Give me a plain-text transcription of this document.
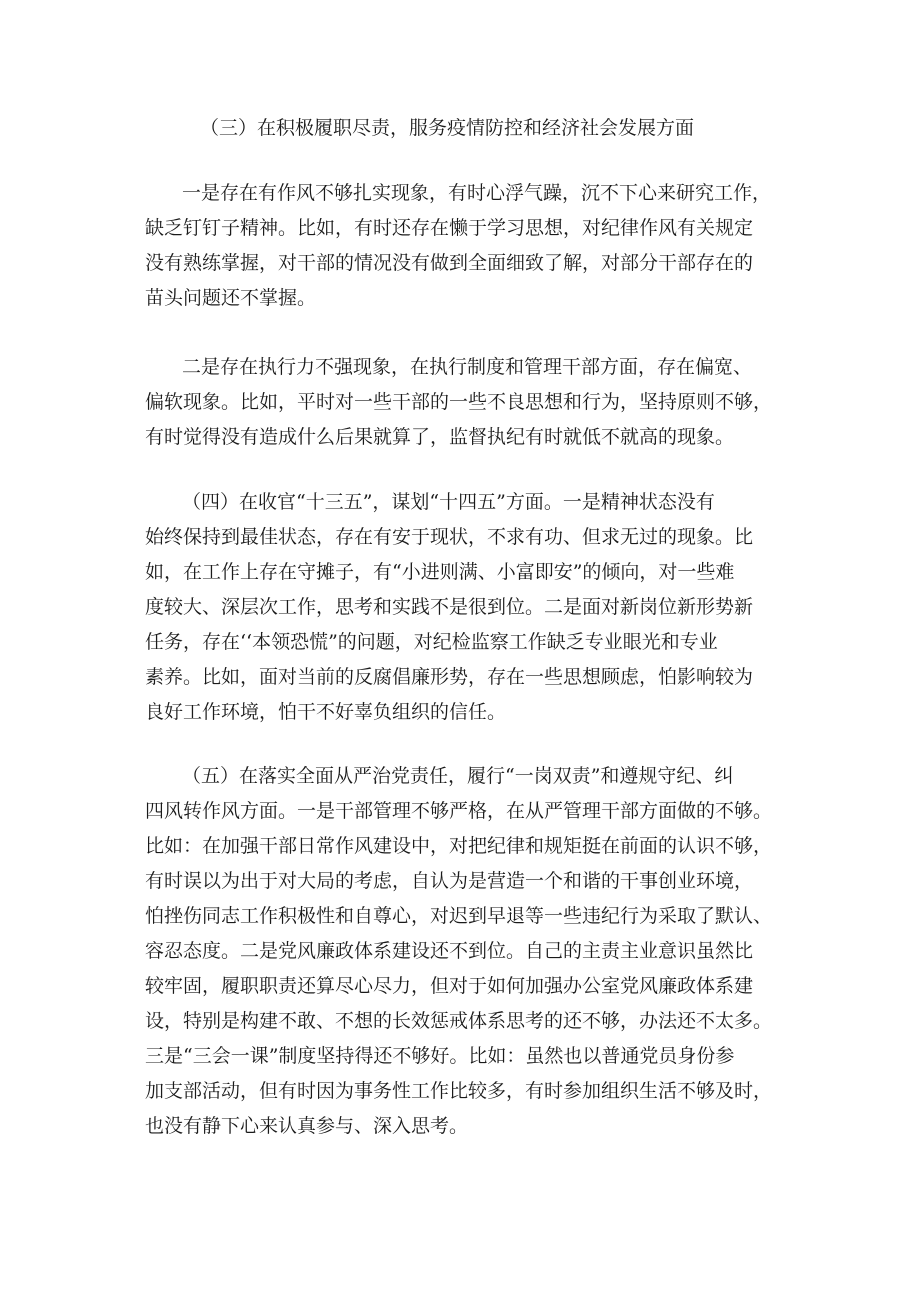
（三）在积极履职尽责，服务疫情防控和经济社会发展方面
一是存在有作风不够扎实现象，有时心浮气躁，沉不下心来研究工作，
缺乏钉钉子精神。比如，有时还存在懒于学习思想，对纪律作风有关规定
没有熟练掌握，对干部的情况没有做到全面细致了解，对部分干部存在的
苗头问题还不掌握。
二是存在执行力不强现象，在执行制度和管理干部方面，存在偏宽、
偏软现象。比如，平时对一些干部的一些不良思想和行为，坚持原则不够，
有时觉得没有造成什么后果就算了，监督执纪有时就低不就高的现象。
（四）在收官“十三五”，谋划“十四五”方面。一是精神状态没有
始终保持到最佳状态，存在有安于现状，不求有功、但求无过的现象。比
如，在工作上存在守摊子，有“小进则满、小富即安”的倾向，对一些难
度较大、深层次工作，思考和实践不是很到位。二是面对新岗位新形势新
任务，存在‘‘本领恐慌”的问题，对纪检监察工作缺乏专业眼光和专业
素养。比如，面对当前的反腐倡廉形势，存在一些思想顾虑，怕影响较为
良好工作环境，怕干不好辜负组织的信任。
（五）在落实全面从严治党责任，履行“一岗双责”和遵规守纪、纠
四风转作风方面。一是干部管理不够严格，在从严管理干部方面做的不够。
比如：在加强干部日常作风建设中，对把纪律和规矩挺在前面的认识不够，
有时误以为出于对大局的考虑，自认为是营造一个和谐的干事创业环境，
怕挫伤同志工作积极性和自尊心，对迟到早退等一些违纪行为采取了默认、
容忍态度。二是党风廉政体系建设还不到位。自己的主责主业意识虽然比
较牢固，履职职责还算尽心尽力，但对于如何加强办公室党风廉政体系建
设，特别是构建不敢、不想的长效惩戒体系思考的还不够，办法还不太多。
三是“三会一课”制度坚持得还不够好。比如：虽然也以普通党员身份参
加支部活动，但有时因为事务性工作比较多，有时参加组织生活不够及时，
也没有静下心来认真参与、深入思考。
